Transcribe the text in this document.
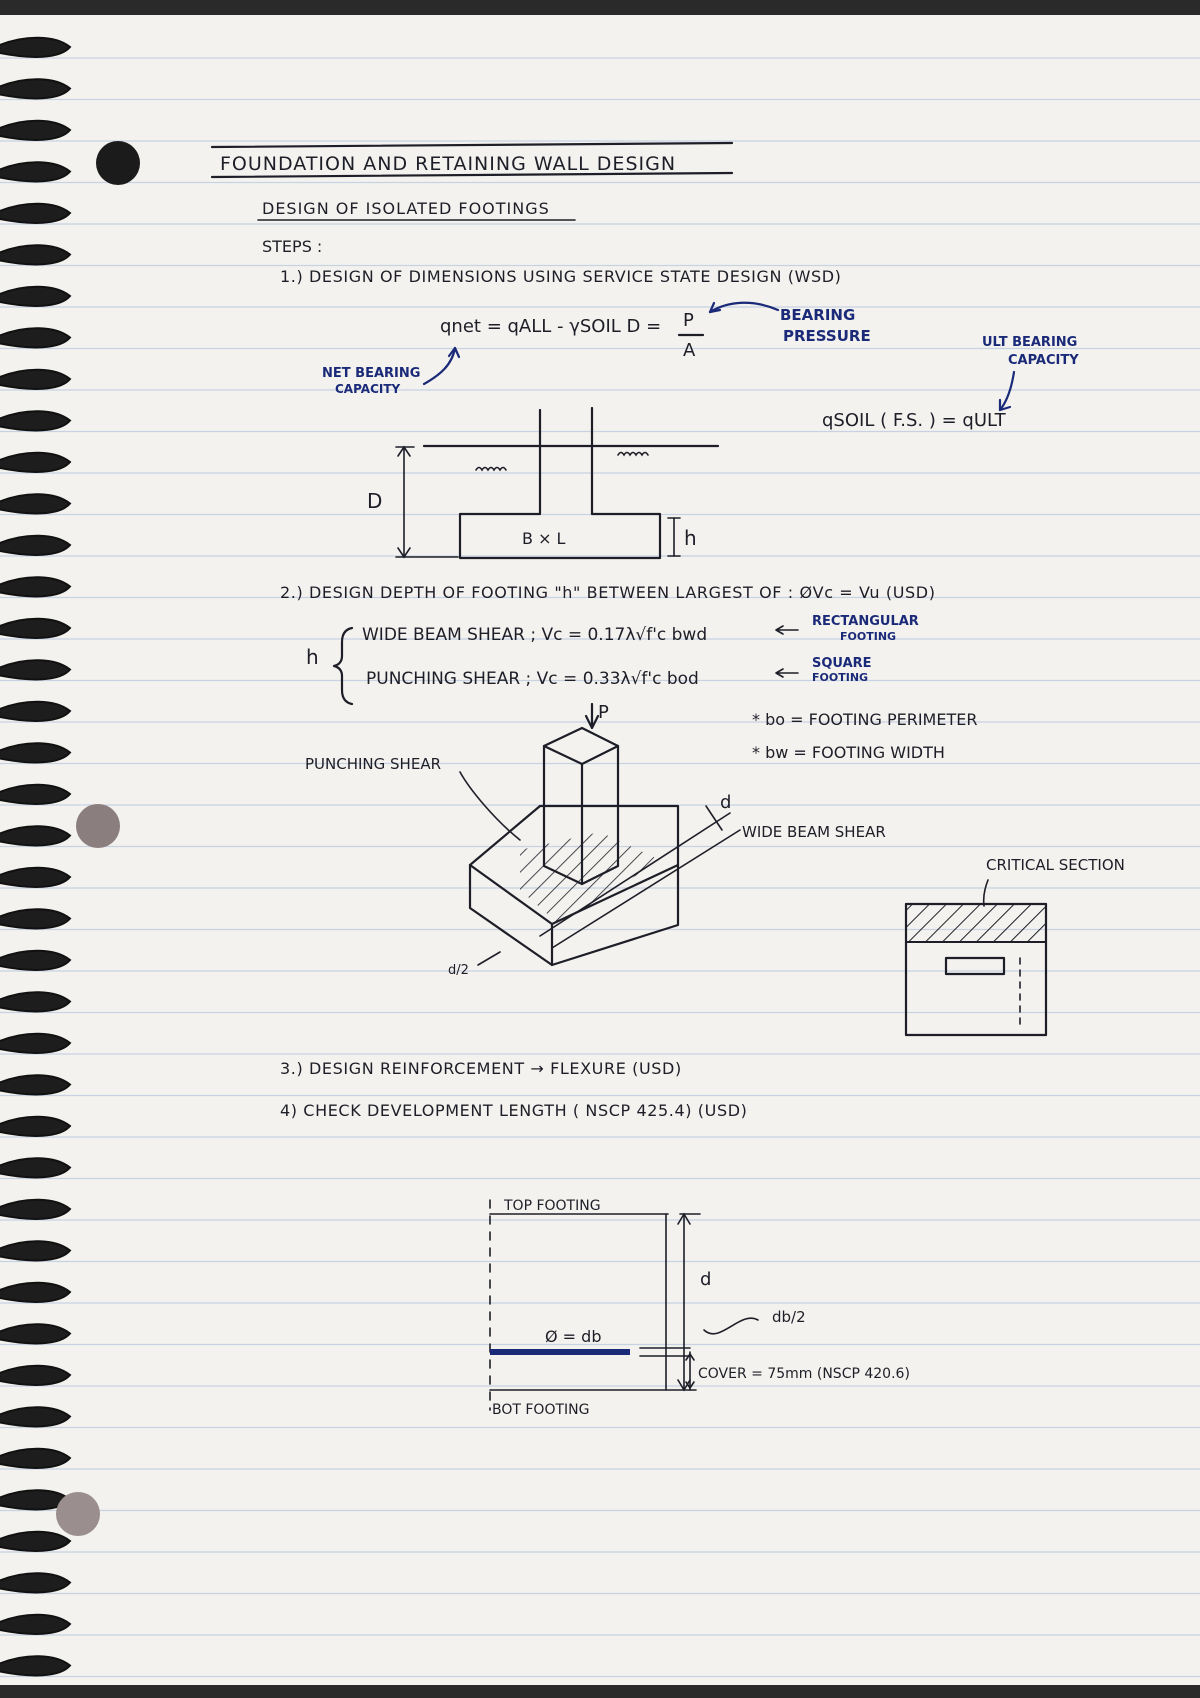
FOUNDATION AND RETAINING WALL DESIGN
DESIGN OF ISOLATED FOOTINGS
STEPS :
1.) DESIGN OF DIMENSIONS USING SERVICE STATE DESIGN (WSD)
qnet = qALL - γSOIL D = P
A
BEARING
PRESSURE
NET BEARING
CAPACITY
ULT BEARING
CAPACITY
qSOIL ( F.S. ) = qULT
D
B × L	h
2.) DESIGN DEPTH OF FOOTING "h" BETWEEN LARGEST OF : ØVc = Vu (USD)
h
WIDE BEAM SHEAR ; Vc = 0.17λ√f'c bwd
PUNCHING SHEAR ; Vc = 0.33λ√f'c bod
RECTANGULAR
FOOTING
SQUARE
FOOTING
* bo = FOOTING PERIMETER
* bw = FOOTING WIDTH
P
PUNCHING SHEAR
d
WIDE BEAM SHEAR
d/2
CRITICAL SECTION
3.) DESIGN REINFORCEMENT → FLEXURE (USD)
4) CHECK DEVELOPMENT LENGTH ( NSCP 425.4) (USD)
TOP FOOTING
BOT FOOTING
d
Ø = db
db/2
COVER = 75mm (NSCP 420.6)
